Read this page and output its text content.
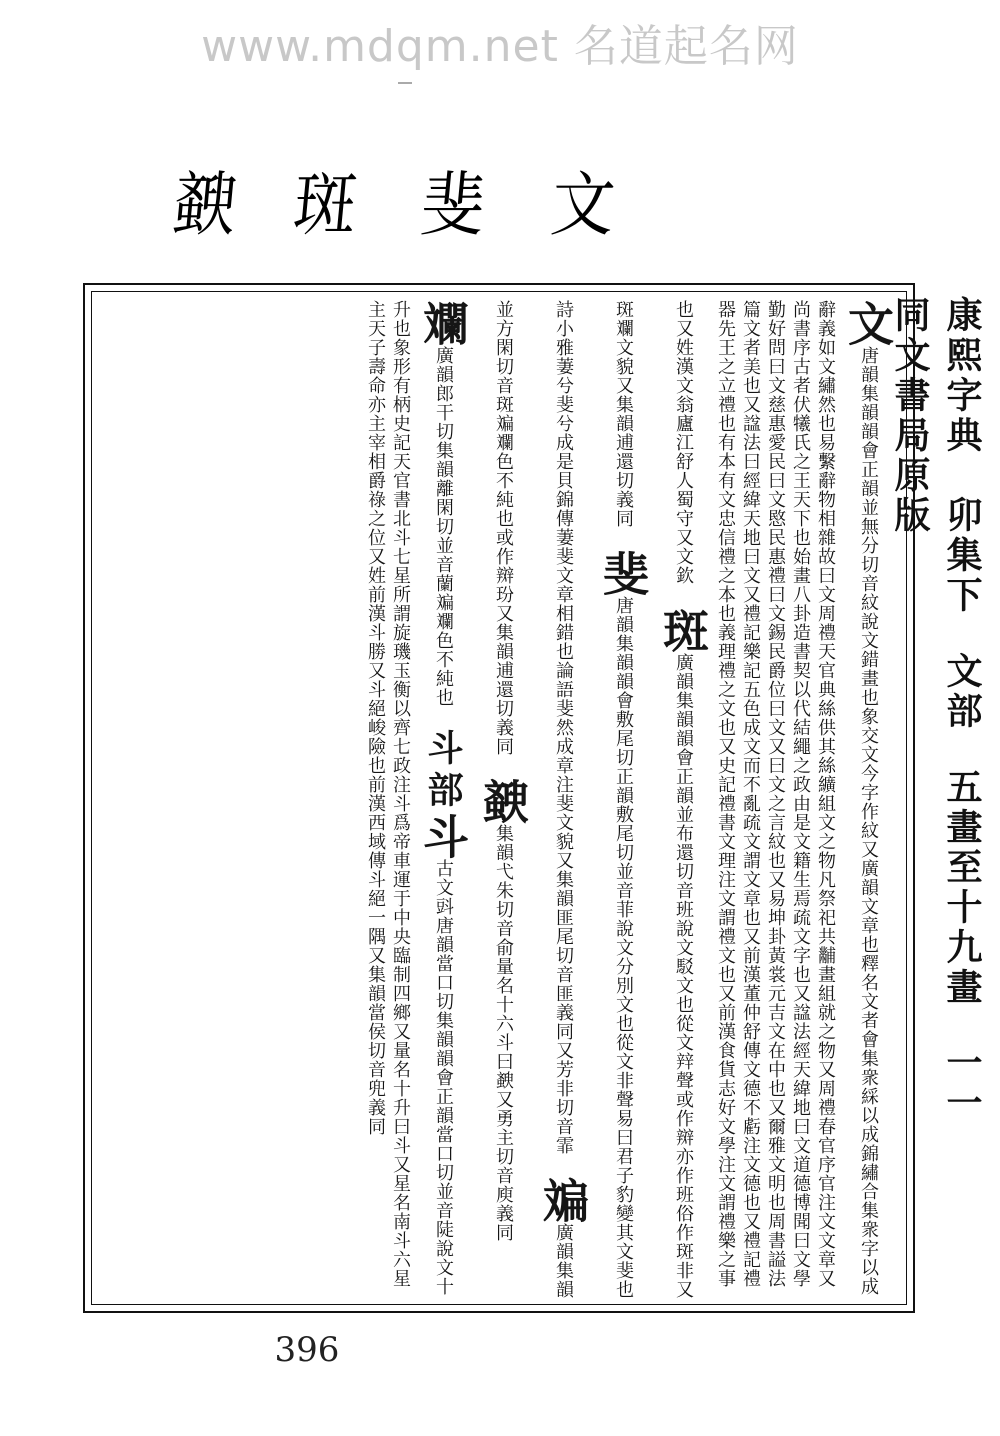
www.mdqm.net 名道起名网
文
斐
斑
斔
康熙字典卯集下文部五畫至十九畫一一同文書局原版
文唐韻集韻韻會正韻並無分切音紋說文錯畫也象交文今字作紋又廣韻文章也釋名文者會集衆綵以成錦繡合集衆字以成辭義如文繡然也易繫辭物相雜故曰文周禮天官典絲供其絲纊組文之物凡祭祀共黼畫組就之物又周禮春官序官注文文章又尚書序古者伏犧氏之王天下也始畫八卦造書契以代結繩之政由是文籍生焉疏文字也又諡法經天緯地曰文道德博聞曰文學勤好問曰文慈惠愛民曰文愍民惠禮曰文錫民爵位曰文又曰文之言紋也又易坤卦黃裳元吉文在中也又爾雅文明也周書謚法篇文者美也又諡法曰經緯天地曰文又禮記樂記五色成文而不亂疏文謂文章也又前漢董仲舒傳文德不虧注文德也又禮記禮器先王之立禮也有本有文忠信禮之本也義理禮之文也又史記禮書文理注文謂禮文也又前漢食貨志好文學注文謂禮樂之事也又姓漢文翁廬江舒人蜀守又文欽 斑廣韻集韻韻會正韻並布還切音班說文駁文也從文辡聲或作辬亦作班俗作斑非又斑斕文貌又集韻逋還切義同 斐唐韻集韻韻會敷尾切正韻敷尾切並音菲說文分別文也從文非聲易曰君子豹變其文斐也詩小雅萋兮斐兮成是貝錦傳萋斐文章相錯也論語斐然成章注斐文貌又集韻匪尾切音匪義同又芳非切音霏 斒廣韻集韻並方閑切音斑斒斕色不純也或作辬玢又集韻逋還切義同 斔集韻弋朱切音俞量名十六斗曰斔又勇主切音庾義同 斕廣韻郎干切集韻離閑切並音蘭斒斕色不純也 斗部斗古文㪷唐韻當口切集韻韻會正韻當口切並音陡說文十升也象形有柄史記天官書北斗七星所謂旋璣玉衡以齊七政注斗爲帝車運于中央臨制四鄉又量名十升曰斗又星名南斗六星主天子壽命亦主宰相爵祿之位又姓前漢斗勝又斗絕峻險也前漢西域傳斗絕一隅又集韻當侯切音兜義同
396
